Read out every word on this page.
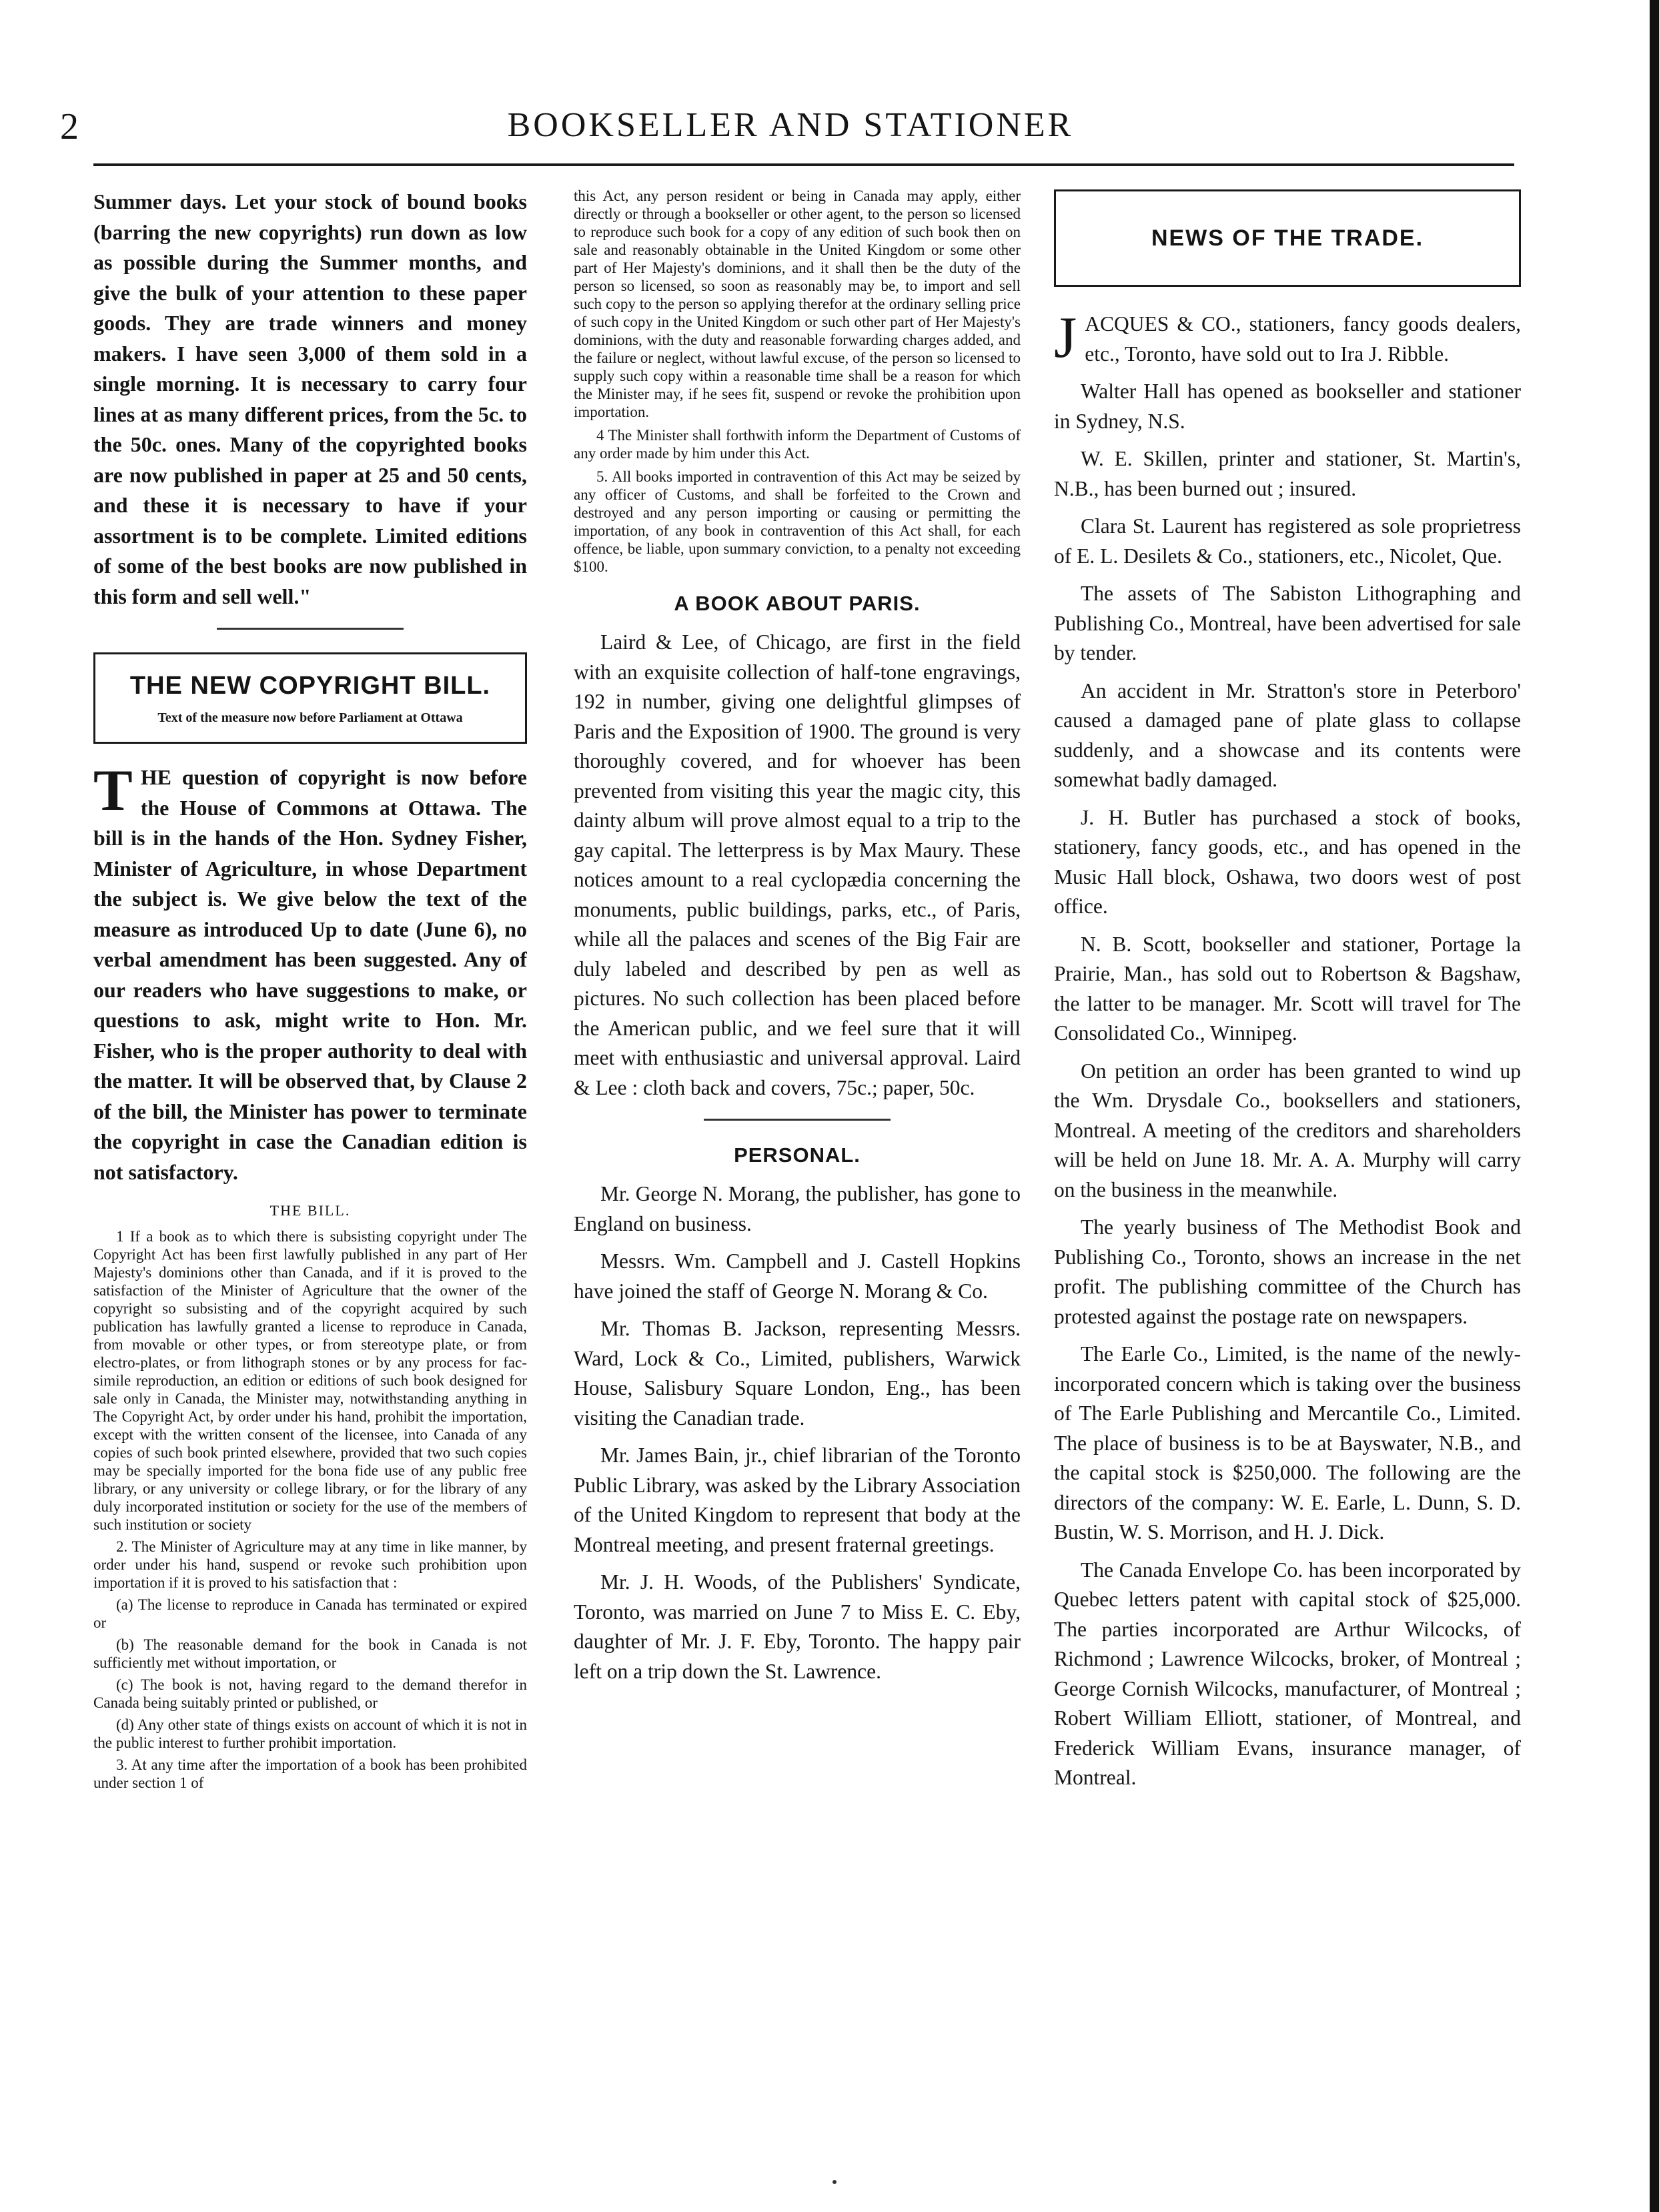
2	BOOKSELLER AND STATIONER

Summer days. Let your stock of bound books (barring the new copyrights) run down as low as possible during the Summer months, and give the bulk of your attention to these paper goods. They are trade winners and money makers. I have seen 3,000 of them sold in a single morning. It is necessary to carry four lines at as many different prices, from the 5c. to the 50c. ones. Many of the copyrighted books are now published in paper at 25 and 50 cents, and these it is necessary to have if your assortment is to be complete. Limited editions of some of the best books are now published in this form and sell well."

THE NEW COPYRIGHT BILL.
Text of the measure now before Parliament at Ottawa

THE question of copyright is now before the House of Commons at Ottawa. The bill is in the hands of the Hon. Sydney Fisher, Minister of Agriculture, in whose Department the subject is. We give below the text of the measure as introduced Up to date (June 6), no verbal amendment has been suggested. Any of our readers who have suggestions to make, or questions to ask, might write to Hon. Mr. Fisher, who is the proper authority to deal with the matter. It will be observed that, by Clause 2 of the bill, the Minister has power to terminate the copyright in case the Canadian edition is not satisfactory.

THE BILL.

1 If a book as to which there is subsisting copyright under The Copyright Act has been first lawfully published in any part of Her Majesty's dominions other than Canada, and if it is proved to the satisfaction of the Minister of Agriculture that the owner of the copyright so subsisting and of the copyright acquired by such publication has lawfully granted a license to reproduce in Canada, from movable or other types, or from stereotype plate, or from electro-plates, or from lithograph stones or by any process for fac-simile reproduction, an edition or editions of such book designed for sale only in Canada, the Minister may, notwithstanding anything in The Copyright Act, by order under his hand, prohibit the importation, except with the written consent of the licensee, into Canada of any copies of such book printed elsewhere, provided that two such copies may be specially imported for the bona fide use of any public free library, or any university or college library, or for the library of any duly incorporated institution or society for the use of the members of such institution or society

2. The Minister of Agriculture may at any time in like manner, by order under his hand, suspend or revoke such prohibition upon importation if it is proved to his satisfaction that :

(a) The license to reproduce in Canada has terminated or expired or

(b) The reasonable demand for the book in Canada is not sufficiently met without importation, or

(c) The book is not, having regard to the demand therefor in Canada being suitably printed or published, or

(d) Any other state of things exists on account of which it is not in the public interest to further prohibit importation.

3. At any time after the importation of a book has been prohibited under section 1 of

this Act, any person resident or being in Canada may apply, either directly or through a bookseller or other agent, to the person so licensed to reproduce such book for a copy of any edition of such book then on sale and reasonably obtainable in the United Kingdom or some other part of Her Majesty's dominions, and it shall then be the duty of the person so licensed, so soon as reasonably may be, to import and sell such copy to the person so applying therefor at the ordinary selling price of such copy in the United Kingdom or such other part of Her Majesty's dominions, with the duty and reasonable forwarding charges added, and the failure or neglect, without lawful excuse, of the person so licensed to supply such copy within a reasonable time shall be a reason for which the Minister may, if he sees fit, suspend or revoke the prohibition upon importation.

4 The Minister shall forthwith inform the Department of Customs of any order made by him under this Act.

5. All books imported in contravention of this Act may be seized by any officer of Customs, and shall be forfeited to the Crown and destroyed and any person importing or causing or permitting the importation, of any book in contravention of this Act shall, for each offence, be liable, upon summary conviction, to a penalty not exceeding $100.

A BOOK ABOUT PARIS.

Laird & Lee, of Chicago, are first in the field with an exquisite collection of half-tone engravings, 192 in number, giving one delightful glimpses of Paris and the Exposition of 1900. The ground is very thoroughly covered, and for whoever has been prevented from visiting this year the magic city, this dainty album will prove almost equal to a trip to the gay capital. The letterpress is by Max Maury. These notices amount to a real cyclopædia concerning the monuments, public buildings, parks, etc., of Paris, while all the palaces and scenes of the Big Fair are duly labeled and described by pen as well as pictures. No such collection has been placed before the American public, and we feel sure that it will meet with enthusiastic and universal approval. Laird & Lee : cloth back and covers, 75c.; paper, 50c.

PERSONAL.

Mr. George N. Morang, the publisher, has gone to England on business.

Messrs. Wm. Campbell and J. Castell Hopkins have joined the staff of George N. Morang & Co.

Mr. Thomas B. Jackson, representing Messrs. Ward, Lock & Co., Limited, publishers, Warwick House, Salisbury Square London, Eng., has been visiting the Canadian trade.

Mr. James Bain, jr., chief librarian of the Toronto Public Library, was asked by the Library Association of the United Kingdom to represent that body at the Montreal meeting, and present fraternal greetings.

Mr. J. H. Woods, of the Publishers' Syndicate, Toronto, was married on June 7 to Miss E. C. Eby, daughter of Mr. J. F. Eby, Toronto. The happy pair left on a trip down the St. Lawrence.

NEWS OF THE TRADE.

JACQUES & CO., stationers, fancy goods dealers, etc., Toronto, have sold out to Ira J. Ribble.

Walter Hall has opened as bookseller and stationer in Sydney, N.S.

W. E. Skillen, printer and stationer, St. Martin's, N.B., has been burned out ; insured.

Clara St. Laurent has registered as sole proprietress of E. L. Desilets & Co., stationers, etc., Nicolet, Que.

The assets of The Sabiston Lithographing and Publishing Co., Montreal, have been advertised for sale by tender.

An accident in Mr. Stratton's store in Peterboro' caused a damaged pane of plate glass to collapse suddenly, and a showcase and its contents were somewhat badly damaged.

J. H. Butler has purchased a stock of books, stationery, fancy goods, etc., and has opened in the Music Hall block, Oshawa, two doors west of post office.

N. B. Scott, bookseller and stationer, Portage la Prairie, Man., has sold out to Robertson & Bagshaw, the latter to be manager. Mr. Scott will travel for The Consolidated Co., Winnipeg.

On petition an order has been granted to wind up the Wm. Drysdale Co., booksellers and stationers, Montreal. A meeting of the creditors and shareholders will be held on June 18. Mr. A. A. Murphy will carry on the business in the meanwhile.

The yearly business of The Methodist Book and Publishing Co., Toronto, shows an increase in the net profit. The publishing committee of the Church has protested against the postage rate on newspapers.

The Earle Co., Limited, is the name of the newly-incorporated concern which is taking over the business of The Earle Publishing and Mercantile Co., Limited. The place of business is to be at Bayswater, N.B., and the capital stock is $250,000. The following are the directors of the company: W. E. Earle, L. Dunn, S. D. Bustin, W. S. Morrison, and H. J. Dick.

The Canada Envelope Co. has been incorporated by Quebec letters patent with capital stock of $25,000. The parties incorporated are Arthur Wilcocks, of Richmond ; Lawrence Wilcocks, broker, of Montreal ; George Cornish Wilcocks, manufacturer, of Montreal ; Robert William Elliott, stationer, of Montreal, and Frederick William Evans, insurance manager, of Montreal.
